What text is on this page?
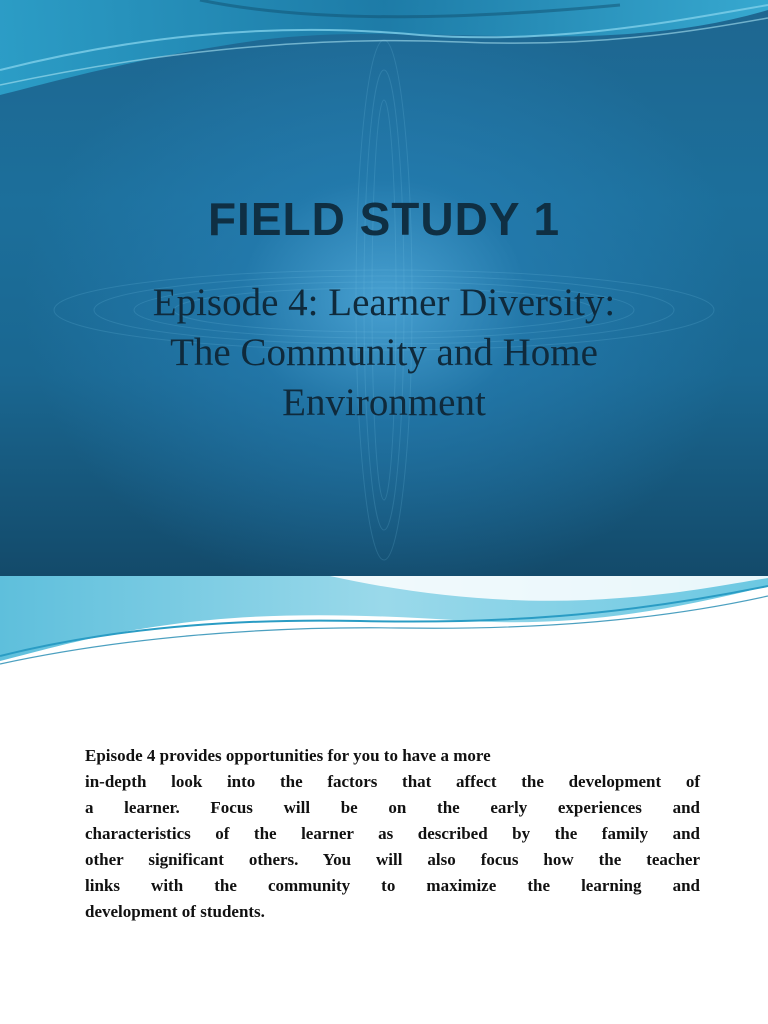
FIELD STUDY 1
Episode 4: Learner Diversity:
The Community and Home
Environment
Episode 4 provides opportunities for you to have a more
in-depth look into the factors that affect the development of
a learner. Focus will be on the early experiences and
characteristics of the learner as described by the family and
other significant others. You will also focus how the teacher
links with the community to maximize the learning and
development of students.
